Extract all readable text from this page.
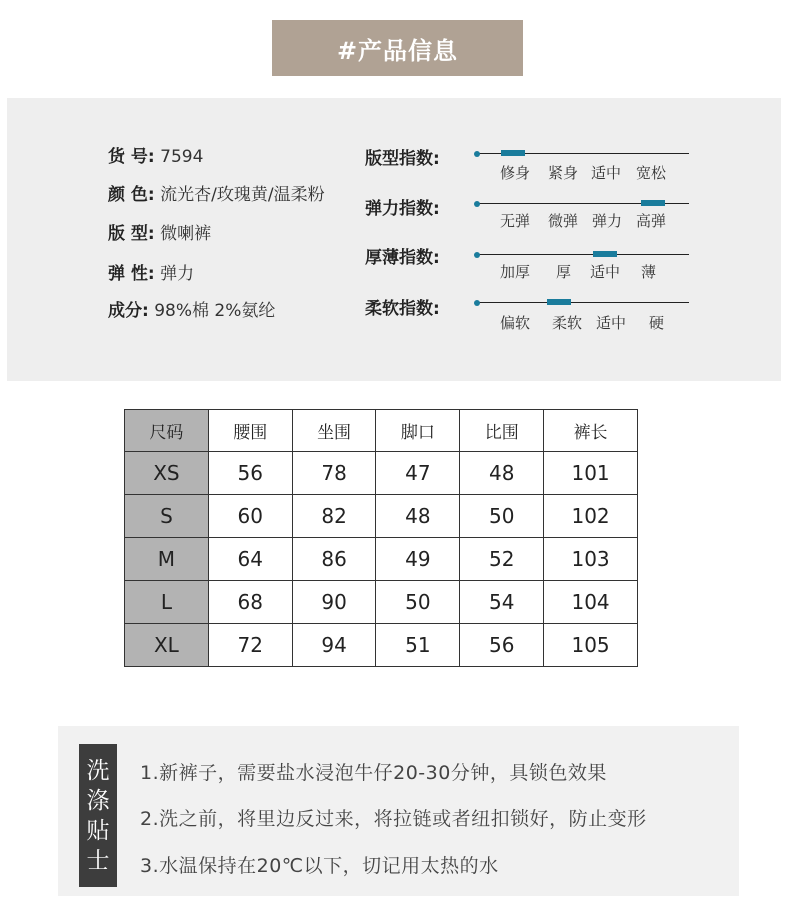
#产品信息
货 号: 7594
颜 色: 流光杏/玫瑰黄/温柔粉
版 型: 微喇裤
弹 性: 弹力
成分: 98%棉 2%氨纶
版型指数:
修身 紧身 适中 宽松
弹力指数:
无弹 微弹 弹力 高弹
厚薄指数:
加厚 厚 适中 薄
柔软指数:
偏软 柔软 适中 硬
尺码	腰围	坐围	脚口	比围	裤长
XS	56	78	47	48	101
S	60	82	48	50	102
M	64	86	49	52	103
L	68	90	50	54	104
XL	72	94	51	56	105
洗
涤
贴
士
1.新裤子，需要盐水浸泡牛仔20-30分钟，具锁色效果
2.洗之前，将里边反过来，将拉链或者纽扣锁好，防止变形
3.水温保持在20℃以下，切记用太热的水
